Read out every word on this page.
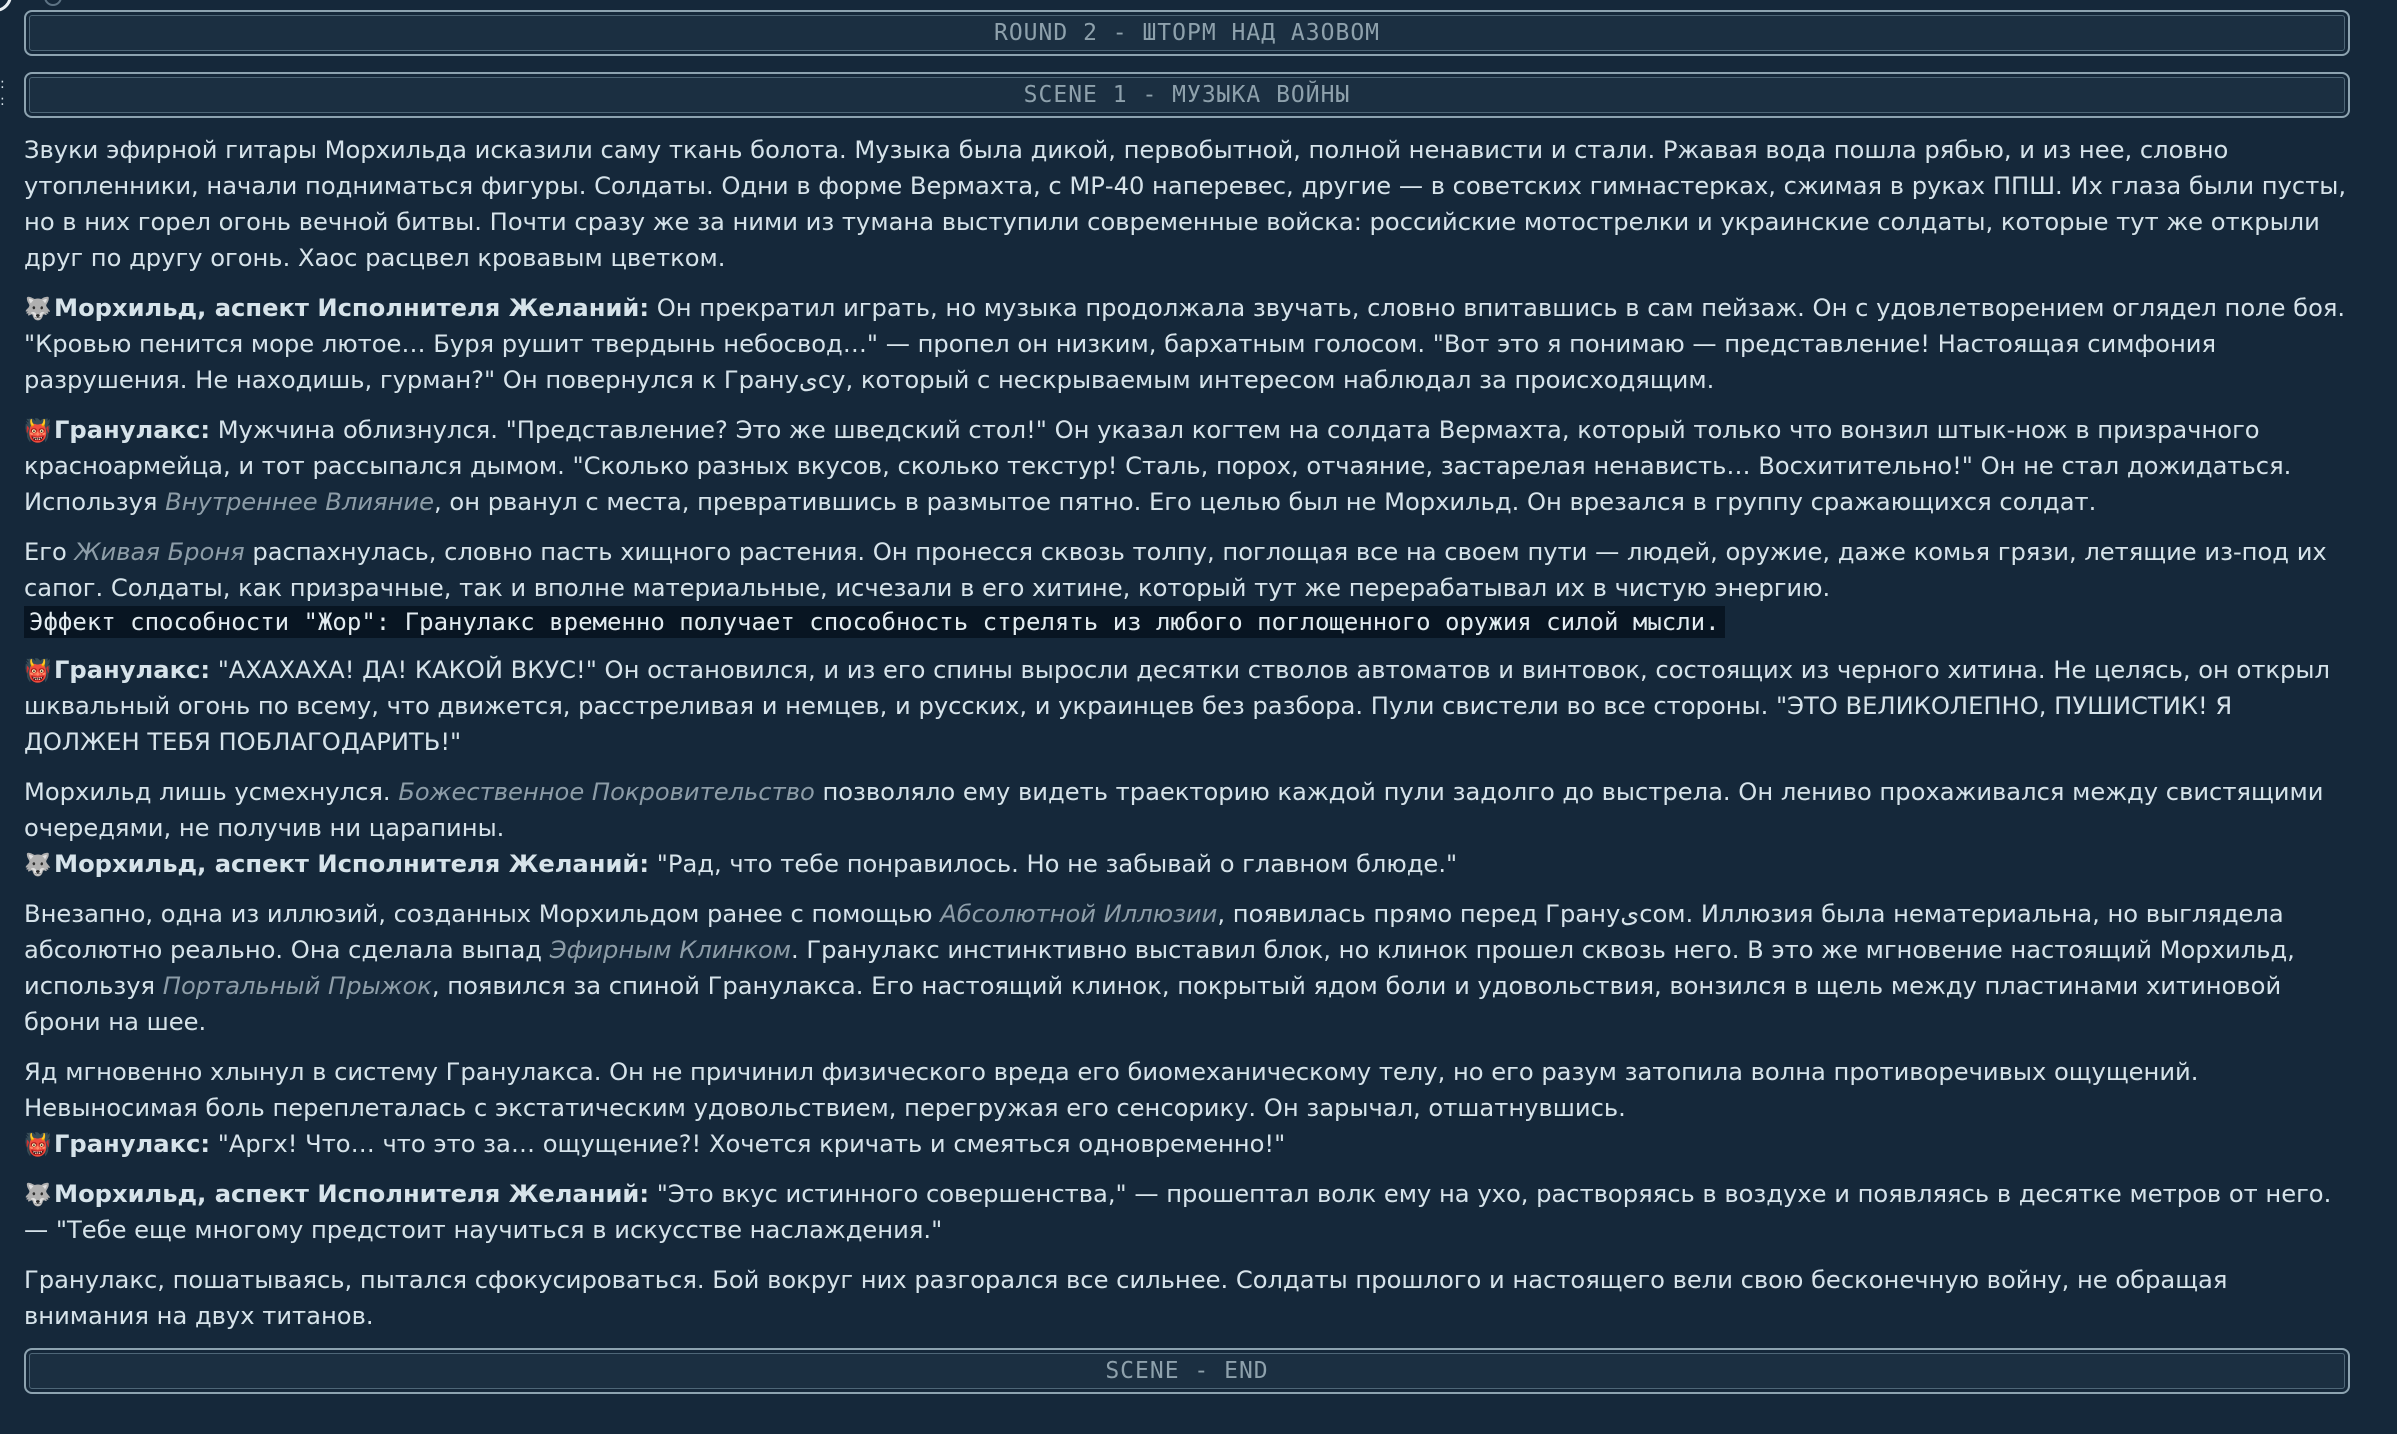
:
:
ROUND 2 - ШТОРМ НАД АЗОВОМ
SCENE 1 - МУЗЫКА ВОЙНЫ

Звуки эфирной гитары Морхильда исказили саму ткань болота. Музыка была дикой, первобытной, полной ненависти и стали. Ржавая вода пошла рябью, и из нее, словно утопленники, начали подниматься фигуры. Солдаты. Одни в форме Вермахта, с МР-40 наперевес, другие — в советских гимнастерках, сжимая в руках ППШ. Их глаза были пусты, но в них горел огонь вечной битвы. Почти сразу же за ними из тумана выступили современные войска: российские мотострелки и украинские солдаты, которые тут же открыли друг по другу огонь. Хаос расцвел кровавым цветком.

🐺 Морхильд, аспект Исполнителя Желаний: Он прекратил играть, но музыка продолжала звучать, словно впитавшись в сам пейзаж. Он с удовлетворением оглядел поле боя. "Кровью пенится море лютое… Буря рушит твердынь небосвод…" — пропел он низким, бархатным голосом. "Вот это я понимаю — представление! Настоящая симфония разрушения. Не находишь, гурман?" Он повернулся к Грануیсу, который с нескрываемым интересом наблюдал за происходящим.

👹 Гранулакс: Мужчина облизнулся. "Представление? Это же шведский стол!" Он указал когтем на солдата Вермахта, который только что вонзил штык-нож в призрачного красноармейца, и тот рассыпался дымом. "Сколько разных вкусов, сколько текстур! Сталь, порох, отчаяние, застарелая ненависть… Восхитительно!" Он не стал дожидаться. Используя Внутреннее Влияние, он рванул с места, превратившись в размытое пятно. Его целью был не Морхильд. Он врезался в группу сражающихся солдат.

Его Живая Броня распахнулась, словно пасть хищного растения. Он пронесся сквозь толпу, поглощая все на своем пути — людей, оружие, даже комья грязи, летящие из-под их сапог. Солдаты, как призрачные, так и вполне материальные, исчезали в его хитине, который тут же перерабатывал их в чистую энергию.

Эффект способности "Жор": Гранулакс временно получает способность стрелять из любого поглощенного оружия силой мысли.

👹 Гранулакс: "АХАХАХА! ДА! КАКОЙ ВКУС!" Он остановился, и из его спины выросли десятки стволов автоматов и винтовок, состоящих из черного хитина. Не целясь, он открыл шквальный огонь по всему, что движется, расстреливая и немцев, и русских, и украинцев без разбора. Пули свистели во все стороны. "ЭТО ВЕЛИКОЛЕПНО, ПУШИСТИК! Я ДОЛЖЕН ТЕБЯ ПОБЛАГОДАРИТЬ!"

Морхильд лишь усмехнулся. Божественное Покровительство позволяло ему видеть траекторию каждой пули задолго до выстрела. Он лениво прохаживался между свистящими очередями, не получив ни царапины.

🐺 Морхильд, аспект Исполнителя Желаний: "Рад, что тебе понравилось. Но не забывай о главном блюде."

Внезапно, одна из иллюзий, созданных Морхильдом ранее с помощью Абсолютной Иллюзии, появилась прямо перед Грануیсом. Иллюзия была нематериальна, но выглядела абсолютно реально. Она сделала выпад Эфирным Клинком. Гранулакс инстинктивно выставил блок, но клинок прошел сквозь него. В это же мгновение настоящий Морхильд, используя Портальный Прыжок, появился за спиной Гранулакса. Его настоящий клинок, покрытый ядом боли и удовольствия, вонзился в щель между пластинами хитиновой брони на шее.

Яд мгновенно хлынул в систему Гранулакса. Он не причинил физического вреда его биомеханическому телу, но его разум затопила волна противоречивых ощущений. Невыносимая боль переплеталась с экстатическим удовольствием, перегружая его сенсорику. Он зарычал, отшатнувшись.

👹 Гранулакс: "Аргх! Что… что это за… ощущение?! Хочется кричать и смеяться одновременно!"

🐺 Морхильд, аспект Исполнителя Желаний: "Это вкус истинного совершенства," — прошептал волк ему на ухо, растворяясь в воздухе и появляясь в десятке метров от него. — "Тебе еще многому предстоит научиться в искусстве наслаждения."

Гранулакс, пошатываясь, пытался сфокусироваться. Бой вокруг них разгорался все сильнее. Солдаты прошлого и настоящего вели свою бесконечную войну, не обращая внимания на двух титанов.

SCENE - END
